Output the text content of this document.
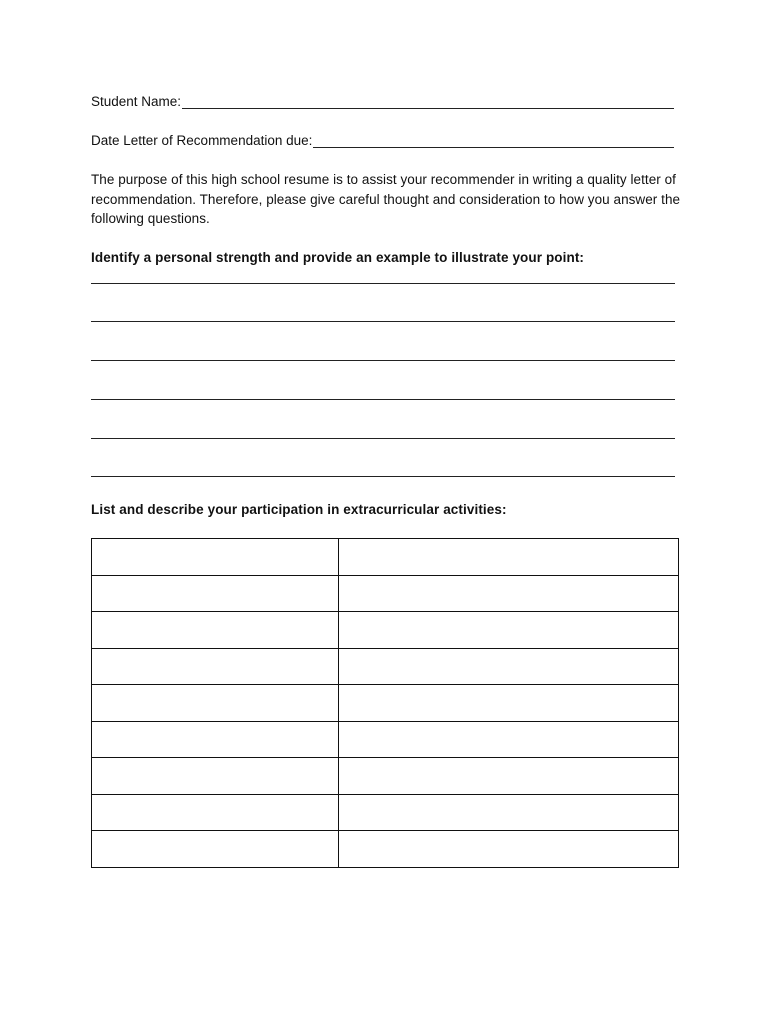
Student Name:
Date Letter of Recommendation due:
The purpose of this high school resume is to assist your recommender in writing a quality letter of recommendation. Therefore, please give careful thought and consideration to how you answer the following questions.
Identify a personal strength and provide an example to illustrate your point:
List and describe your participation in extracurricular activities:
